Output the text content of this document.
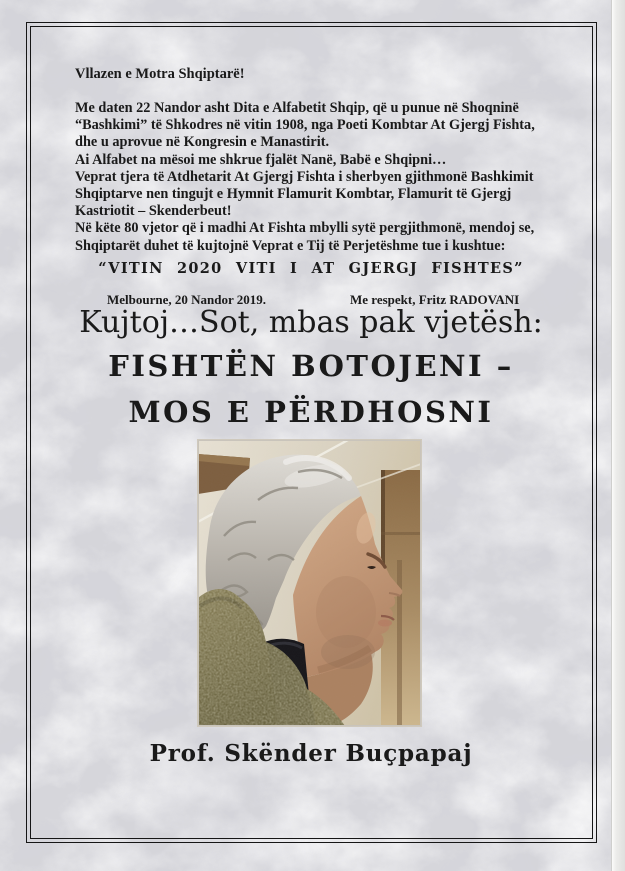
Vllazen e Motra Shqiptarë!
Me daten 22 Nandor asht Dita e Alfabetit Shqip, që u punue në Shoqninë
“Bashkimi” të Shkodres në vitin 1908, nga Poeti Kombtar At Gjergj Fishta,
dhe u aprovue në Kongresin e Manastirit.
Ai Alfabet na mësoi me shkrue fjalët Nanë, Babë e Shqipni…
Veprat tjera të Atdhetarit At Gjergj Fishta i sherbyen gjithmonë Bashkimit
Shqiptarve nen tingujt e Hymnit Flamurit Kombtar, Flamurit të Gjergj
Kastriotit – Skenderbeut!
Në këte 80 vjetor që i madhi At Fishta mbylli sytë pergjithmonë, mendoj se,
Shqiptarët duhet të kujtojnë Veprat e Tij të Perjetëshme tue i kushtue:
“VITIN 2020 VITI I AT GJERGJ FISHTES”
Melbourne, 20 Nandor 2019.	Me respekt, Fritz RADOVANI
Kujtoj…Sot, mbas pak vjetësh:
FISHTËN BOTOJENI –
MOS E PËRDHOSNI
Prof. Skënder Buçpapaj
